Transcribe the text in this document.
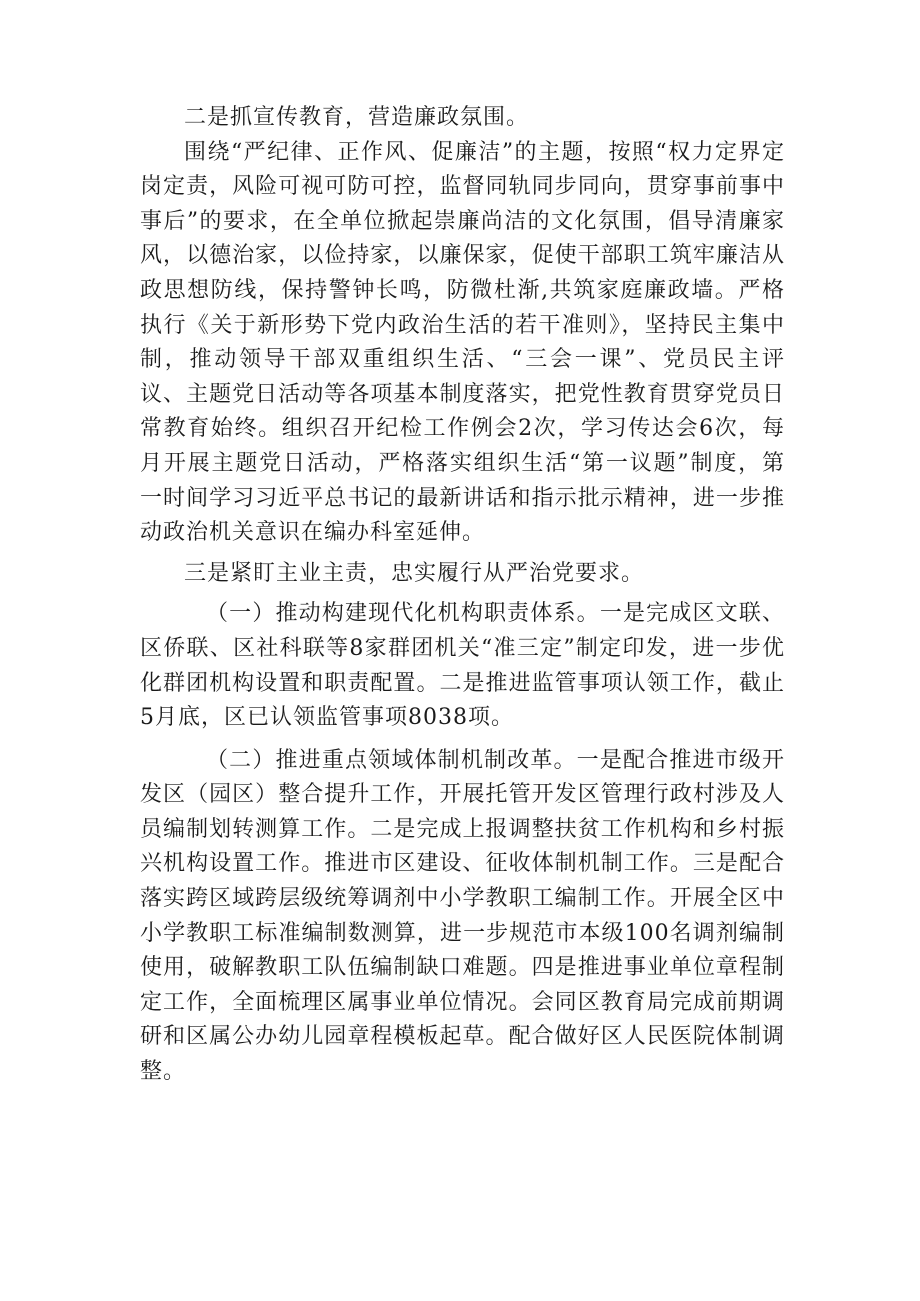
二是抓宣传教育，营造廉政氛围。

围绕“严纪律、正作风、促廉洁”的主题，按照“权力定界定岗定责，风险可视可防可控，监督同轨同步同向，贯穿事前事中事后”的要求，在全单位掀起崇廉尚洁的文化氛围，倡导清廉家风，以德治家，以俭持家，以廉保家，促使干部职工筑牢廉洁从政思想防线，保持警钟长鸣，防微杜渐,共筑家庭廉政墙。严格执行《关于新形势下党内政治生活的若干准则》，坚持民主集中制，推动领导干部双重组织生活、“三会一课”、党员民主评议、主题党日活动等各项基本制度落实，把党性教育贯穿党员日常教育始终。组织召开纪检工作例会2次，学习传达会6次，每月开展主题党日活动，严格落实组织生活“第一议题”制度，第一时间学习习近平总书记的最新讲话和指示批示精神，进一步推动政治机关意识在编办科室延伸。

三是紧盯主业主责，忠实履行从严治党要求。

（一）推动构建现代化机构职责体系。一是完成区文联、区侨联、区社科联等8家群团机关“准三定”制定印发，进一步优化群团机构设置和职责配置。二是推进监管事项认领工作，截止5月底，区已认领监管事项8038项。

（二）推进重点领域体制机制改革。一是配合推进市级开发区（园区）整合提升工作，开展托管开发区管理行政村涉及人员编制划转测算工作。二是完成上报调整扶贫工作机构和乡村振兴机构设置工作。推进市区建设、征收体制机制工作。三是配合落实跨区域跨层级统筹调剂中小学教职工编制工作。开展全区中小学教职工标准编制数测算，进一步规范市本级100名调剂编制使用，破解教职工队伍编制缺口难题。四是推进事业单位章程制定工作，全面梳理区属事业单位情况。会同区教育局完成前期调研和区属公办幼儿园章程模板起草。配合做好区人民医院体制调整。
